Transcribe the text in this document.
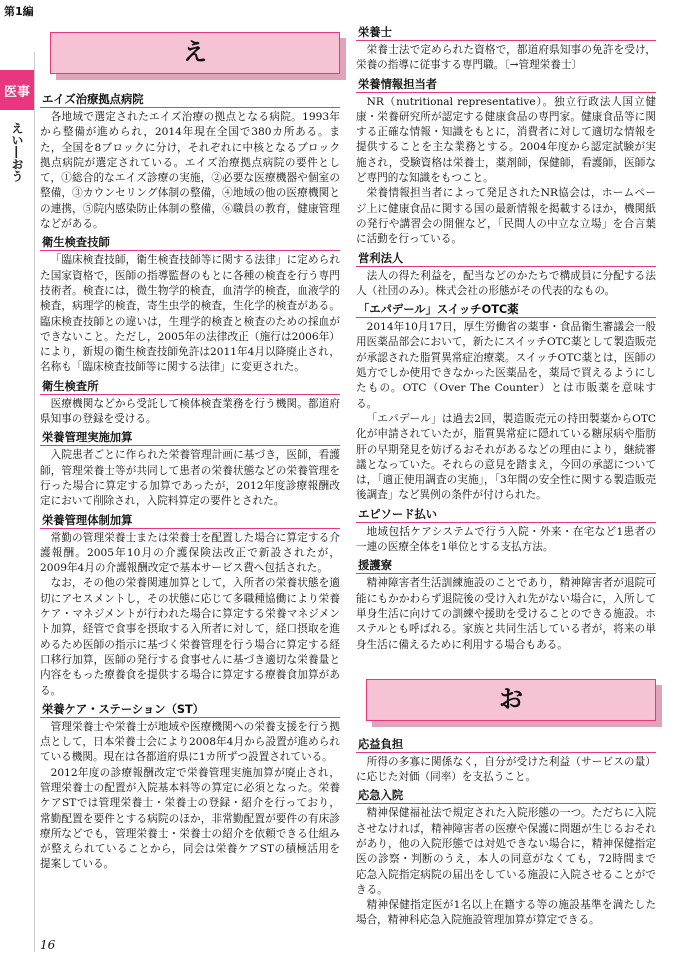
第1編
医事
えい―おう
え
エイズ治療拠点病院

各地域で選定されたエイズ治療の拠点となる病院。1993年から整備が進められ，2014年現在全国で380カ所ある。また，全国を8ブロックに分け，それぞれに中核となるブロック拠点病院が選定されている。エイズ治療拠点病院の要件として，①総合的なエイズ診療の実施，②必要な医療機器や個室の整備，③カウンセリング体制の整備，④地域の他の医療機関との連携，⑤院内感染防止体制の整備，⑥職員の教育，健康管理などがある。

衛生検査技師

「臨床検査技師，衛生検査技師等に関する法律」に定められた国家資格で，医師の指導監督のもとに各種の検査を行う専門技術者。検査には，微生物学的検査，血清学的検査，血液学的検査，病理学的検査，寄生虫学的検査，生化学的検査がある。臨床検査技師との違いは，生理学的検査と検査のための採血ができないこと。ただし，2005年の法律改正（施行は2006年）により，新規の衛生検査技師免許は2011年4月以降廃止され，名称も「臨床検査技師等に関する法律」に変更された。

衛生検査所

医療機関などから受託して検体検査業務を行う機関。都道府県知事の登録を受ける。

栄養管理実施加算

入院患者ごとに作られた栄養管理計画に基づき，医師，看護師，管理栄養士等が共同して患者の栄養状態などの栄養管理を行った場合に算定する加算であったが，2012年度診療報酬改定において削除され，入院料算定の要件とされた。

栄養管理体制加算

常勤の管理栄養士または栄養士を配置した場合に算定する介護報酬。2005年10月の介護保険法改正で新設されたが，2009年4月の介護報酬改定で基本サービス費へ包括された。

なお，その他の栄養関連加算として，入所者の栄養状態を適切にアセスメントし，その状態に応じて多職種協働により栄養ケア・マネジメントが行われた場合に算定する栄養マネジメント加算，経管で食事を摂取する入所者に対して，経口摂取を進めるため医師の指示に基づく栄養管理を行う場合に算定する経口移行加算，医師の発行する食事せんに基づき適切な栄養量と内容をもった療養食を提供する場合に算定する療養食加算がある。

栄養ケア・ステーション（ST）

管理栄養士や栄養士が地域や医療機関への栄養支援を行う拠点として，日本栄養士会により2008年4月から設置が進められている機関。現在は各都道府県に1カ所ずつ設置されている。

2012年度の診療報酬改定で栄養管理実施加算が廃止され，管理栄養士の配置が入院基本料等の算定に必須となった。栄養ケアSTでは管理栄養士・栄養士の登録・紹介を行っており，常勤配置を要件とする病院のほか，非常勤配置が要件の有床診療所などでも，管理栄養士・栄養士の紹介を依頼できる仕組みが整えられていることから，同会は栄養ケアSTの積極活用を提案している。

栄養士

栄養士法で定められた資格で，都道府県知事の免許を受け，栄養の指導に従事する専門職。〔→管理栄養士〕

栄養情報担当者

NR（nutritional representative）。独立行政法人国立健康・栄養研究所が認定する健康食品の専門家。健康食品等に関する正確な情報・知識をもとに，消費者に対して適切な情報を提供することを主な業務とする。2004年度から認定試験が実施され，受験資格は栄養士，薬剤師，保健師，看護師，医師など専門的な知識をもつこと。

栄養情報担当者によって発足されたNR協会は，ホームページ上に健康食品に関する国の最新情報を掲載するほか，機関紙の発行や講習会の開催など，「民間人の中立な立場」を合言葉に活動を行っている。

営利法人

法人の得た利益を，配当などのかたちで構成員に分配する法人（社団のみ）。株式会社の形態がその代表的なもの。

「エパデール」スイッチOTC薬

2014年10月17日，厚生労働省の薬事・食品衛生審議会一般用医薬品部会において，新たにスイッチOTC薬として製造販売が承認された脂質異常症治療薬。スイッチOTC薬とは，医師の処方でしか使用できなかった医薬品を，薬局で買えるようにしたもの。OTC（Over The Counter）とは市販薬を意味する。

「エパデール」は過去2回，製造販売元の持田製薬からOTC化が申請されていたが，脂質異常症に隠れている糖尿病や脂肪肝の早期発見を妨げるおそれがあるなどの理由により，継続審議となっていた。それらの意見を踏まえ，今回の承認については，「適正使用調査の実施」，「3年間の安全性に関する製造販売後調査」など異例の条件が付けられた。

エピソード払い

地域包括ケアシステムで行う入院・外来・在宅など1患者の一連の医療全体を1単位とする支払方法。

援護寮

精神障害者生活訓練施設のことであり，精神障害者が退院可能にもかかわらず退院後の受け入れ先がない場合に，入所して単身生活に向けての訓練や援助を受けることのできる施設。ホステルとも呼ばれる。家族と共同生活している者が，将来の単身生活に備えるために利用する場合もある。

お
応益負担

所得の多寡に関係なく，自分が受けた利益（サービスの量）に応じた対価（同率）を支払うこと。

応急入院

精神保健福祉法で規定された入院形態の一つ。ただちに入院させなければ，精神障害者の医療や保護に問題が生じるおそれがあり，他の入院形態では対処できない場合に，精神保健指定医の診察・判断のうえ，本人の同意がなくても，72時間まで応急入院指定病院の届出をしている施設に入院させることができる。

精神保健指定医が1名以上在籍する等の施設基準を満たした場合，精神科応急入院施設管理加算が算定できる。

16
